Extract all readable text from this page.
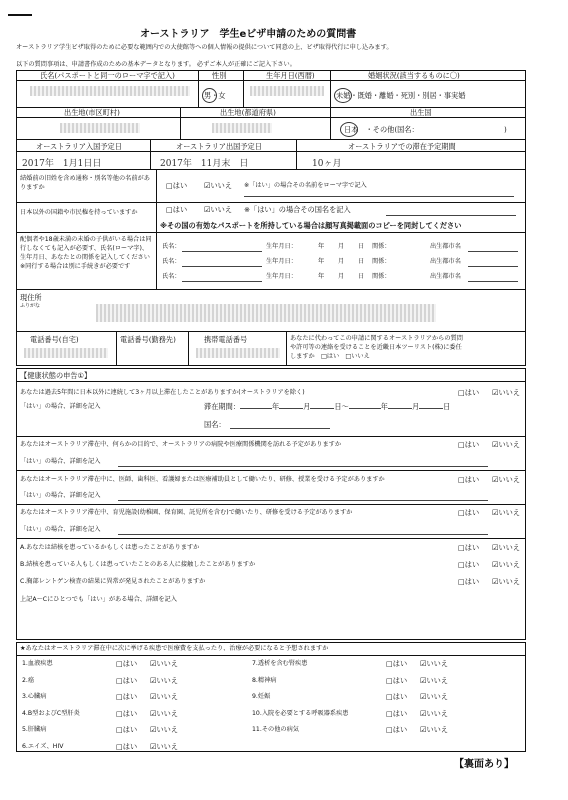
オーストラリア　学生eビザ申請のための質問書
オーストラリア学生ビザ取得のために必要な範囲内での大使館等への個人情報の提供について同意の上、ビザ取得代行に申し込みます。
以下の質問事項は、申請書作成のための基本データとなります。 必ずご本人が正確にご記入下さい。
氏名(パスポートと同一のローマ字で記入)	性別
男・女
生年月日(西暦)	婚姻状況(該当するものに〇)
未婚・既婚・離婚・死別・別居・事実婚
出生地(市区町村)	出生地(都道府県)	出生国
日本　・その他(国名：	)
オーストラリア入国予定日	オーストラリア出国予定日	オーストラリアでの滞在予定期間
2017年　1月1日日	2017年　11月末　日	10ヶ月
結婚前の旧姓を含め通称・別名等他の名前がありますか	□はい ☑いいえ ※「はい」の場合その名前をローマ字で記入
日本以外の国籍や市民権を持っていますか	□はい ☑いいえ ※「はい」の場合その国名を記入
※その国の有効なパスポートを所持している場合は顔写真掲載面のコピーを同封してください
配偶者や18歳未満の未婚の子供がいる場合は同行しなくても記入が必要す、氏名(ローマ字)、生年月日、あなたとの関係を記入してください ※同行する場合は別に手続きが必要です
氏名：	生年月日：	年 月 日 関係：	出生都市名
氏名：	生年月日：	年 月 日 関係：	出生都市名
氏名：	生年月日：	年 月 日 関係：	出生都市名
現住所
ふりがな
電話番号(自宅)	電話番号(勤務先)	携帯電話番号	あなたに代わってこの申請に関するオーストラリアからの質問
や許可等の連絡を受けることを近畿日本ツーリスト(株)に委任
しますか　 □はい　 □いいえ
【健康状態の申告①】
あなたは過去5年間に日本以外に連続して3ヶ月以上滞在したことがありますか(オーストラリアを除く)	□はい ☑いいえ
「はい」の場合、詳細を記入	滞在期間：	年	月	日～	年	月	日
国名：
あなたはオーストラリア滞在中、何らかの目的で、オーストラリアの病院や医療関係機関を訪れる予定がありますか	□はい ☑いいえ
「はい」の場合、詳細を記入
あなたはオーストラリア滞在中に、医師、歯科医、看護婦または医療補助員として働いたり、研修、授業を受ける予定がありますか	□はい ☑いいえ
「はい」の場合、詳細を記入
あなたはオーストラリア滞在中、育児施設(幼稚園、保育園、託児所を含む)で働いたり、研修を受ける予定がありますか	□はい ☑いいえ
「はい」の場合、詳細を記入
A.あなたは結核を患っているかもしくは患ったことがありますか	□はい ☑いいえ
B.結核を患っている人もしくは患っていたことのある人に接触したことがありますか	□はい ☑いいえ
C.胸部レントゲン検査の結果に異常が発見されたことがありますか	□はい ☑いいえ
上記A～Cにひとつでも「はい」がある場合、詳細を記入
★あなたはオーストラリア滞在中に次に挙げる疾患で医療費を支払ったり、治療が必要になると予想されますか
1.血液疾患	□はい ☑いいえ
2.癌	□はい ☑いいえ
3.心臓病	□はい ☑いいえ
4.B型およびC型肝炎	□はい ☑いいえ
5.肝臓病	□はい ☑いいえ
6.エイズ、HIV	□はい ☑いいえ
7.透析を含む腎疾患	□はい ☑いいえ
8.精神病	□はい ☑いいえ
9.妊娠	□はい ☑いいえ
10.入院を必要とする呼吸器系疾患	□はい ☑いいえ
11.その他の病気	□はい ☑いいえ
【裏面あり】
